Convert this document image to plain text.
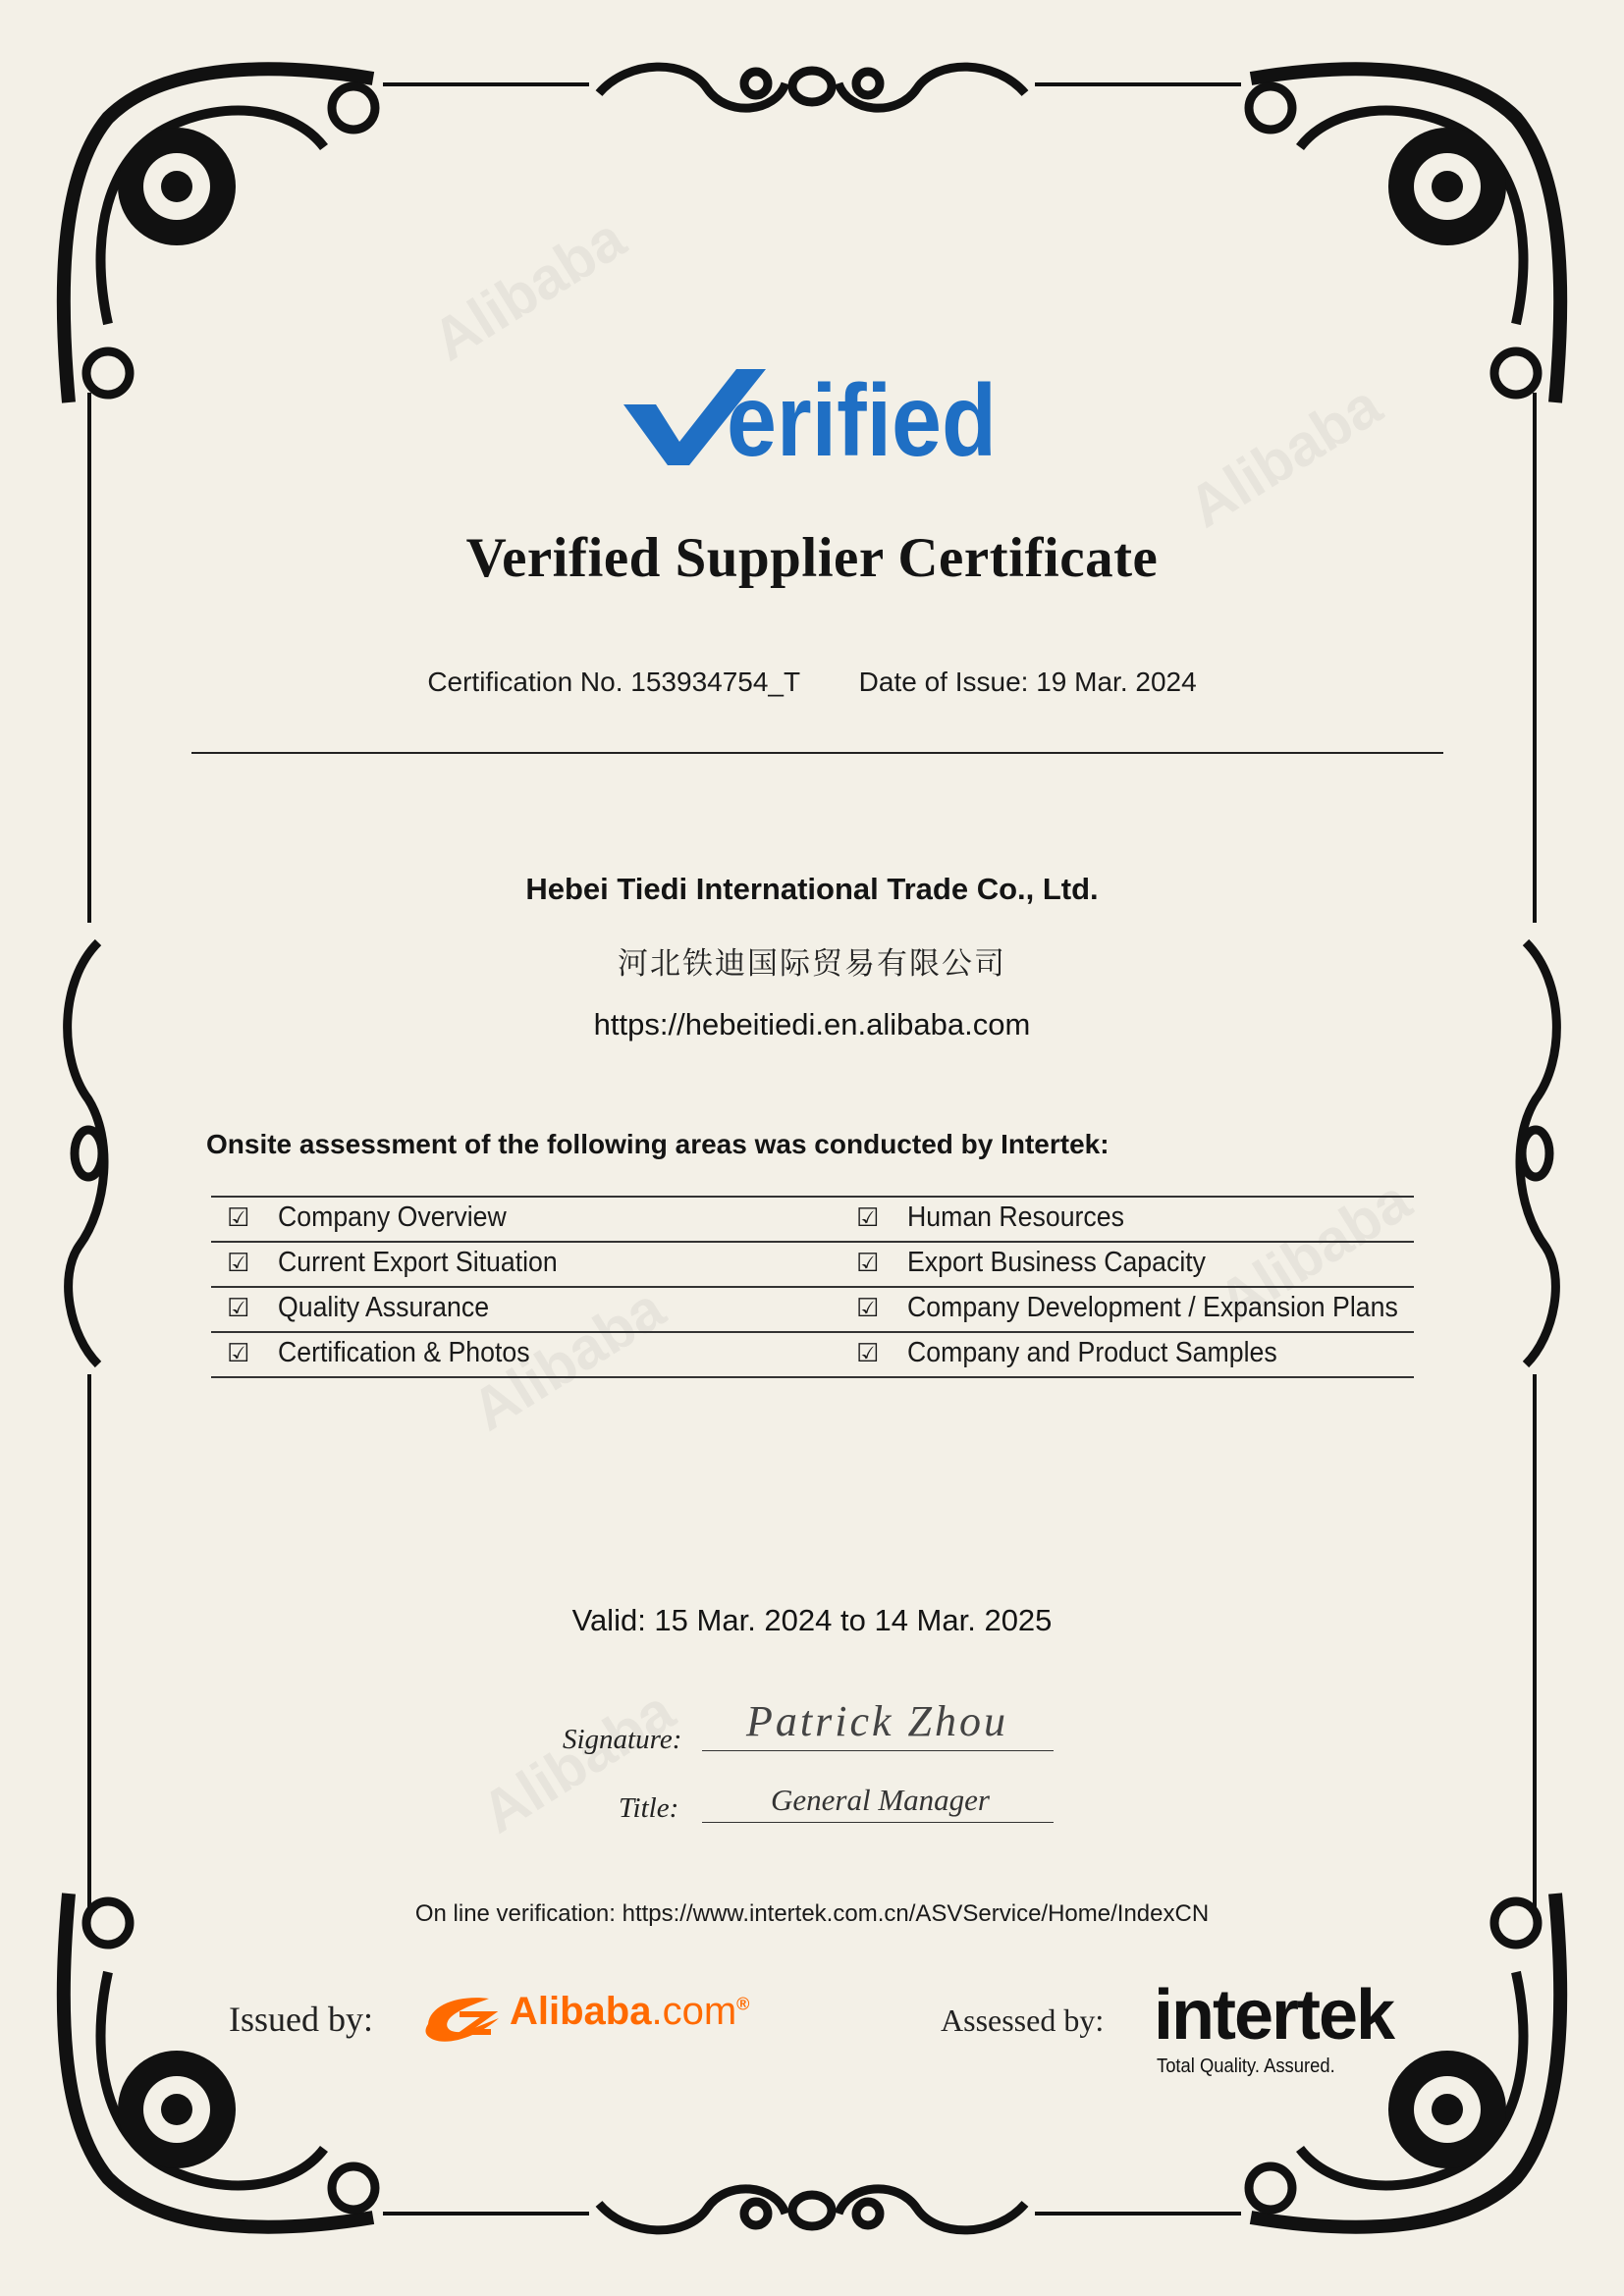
erified
Verified Supplier Certificate
Certification No. 153934754_T Date of Issue: 19 Mar. 2024
Hebei Tiedi International Trade Co., Ltd.
河北铁迪国际贸易有限公司
https://hebeitiedi.en.alibaba.com
Onsite assessment of the following areas was conducted by Intertek:
☑ Company Overview	☑ Human Resources
☑ Current Export Situation	☑ Export Business Capacity
☑ Quality Assurance	☑ Company Development / Expansion Plans
☑ Certification & Photos	☑ Company and Product Samples
Valid: 15 Mar. 2024 to 14 Mar. 2025
Signature: Patrick Zhou
Title:	General Manager
On line verification: https://www.intertek.com.cn/ASVService/Home/IndexCN
Issued by:	Alibaba.com®	Assessed by: intertek
Total Quality. Assured.
